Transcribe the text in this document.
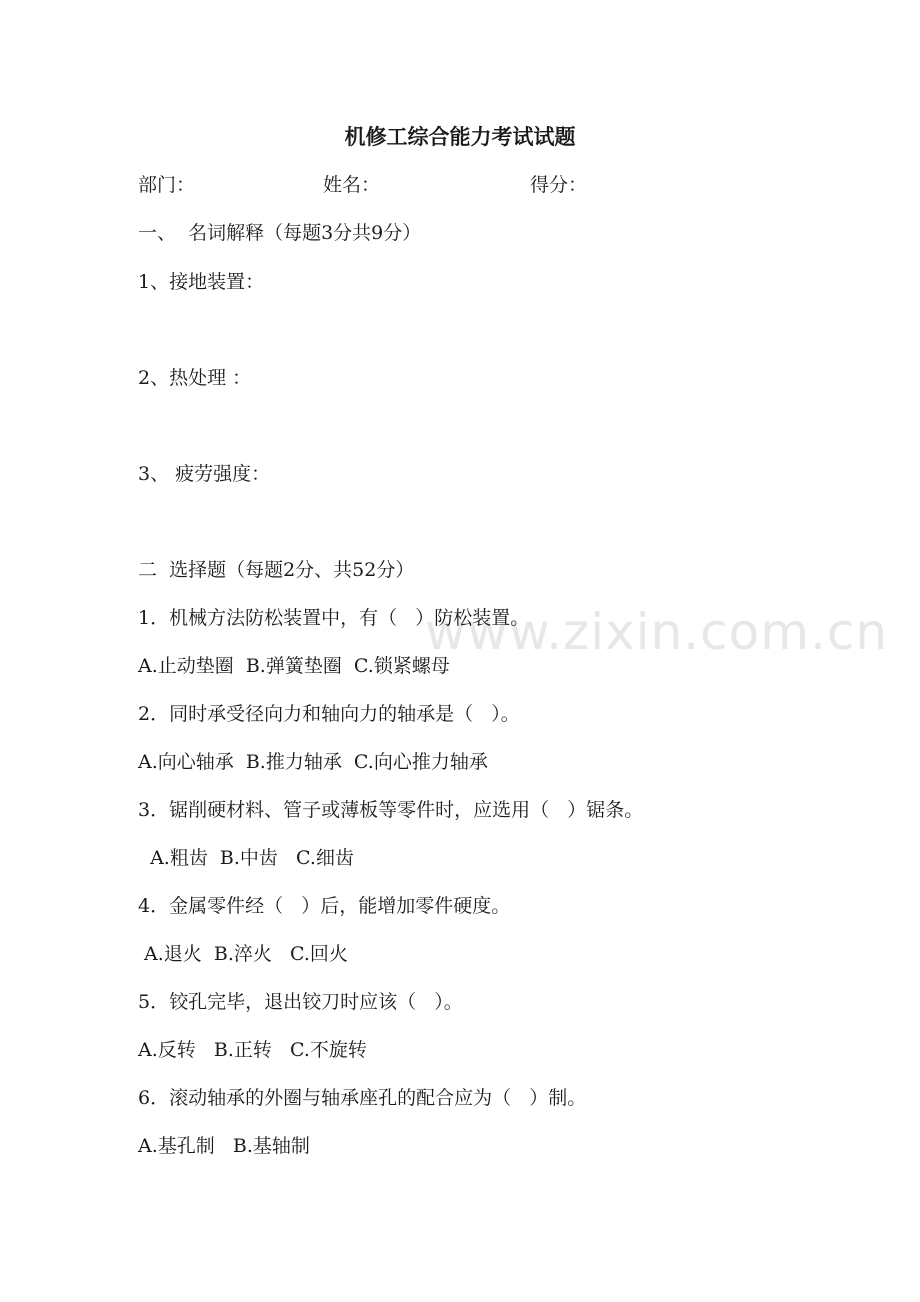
www.zixin.com.cn
机修工综合能力考试试题
部门：	姓名：	得分：
一、  名词解释（每题3分共9分）
1、接地装置：
2、热处理 ：
3、 疲劳强度：
二  选择题（每题2分、共52分）
1．机械方法防松装置中，有（   ）防松装置。
A.止动垫圈  B.弹簧垫圈  C.锁紧螺母
2．同时承受径向力和轴向力的轴承是（   ）。
A.向心轴承  B.推力轴承  C.向心推力轴承
3．锯削硬材料、管子或薄板等零件时，应选用（   ）锯条。
A.粗齿  B.中齿   C.细齿
4．金属零件经（   ）后，能增加零件硬度。
A.退火  B.淬火   C.回火
5．铰孔完毕，退出铰刀时应该（   ）。
A.反转   B.正转   C.不旋转
6．滚动轴承的外圈与轴承座孔的配合应为（   ）制。
A.基孔制   B.基轴制
